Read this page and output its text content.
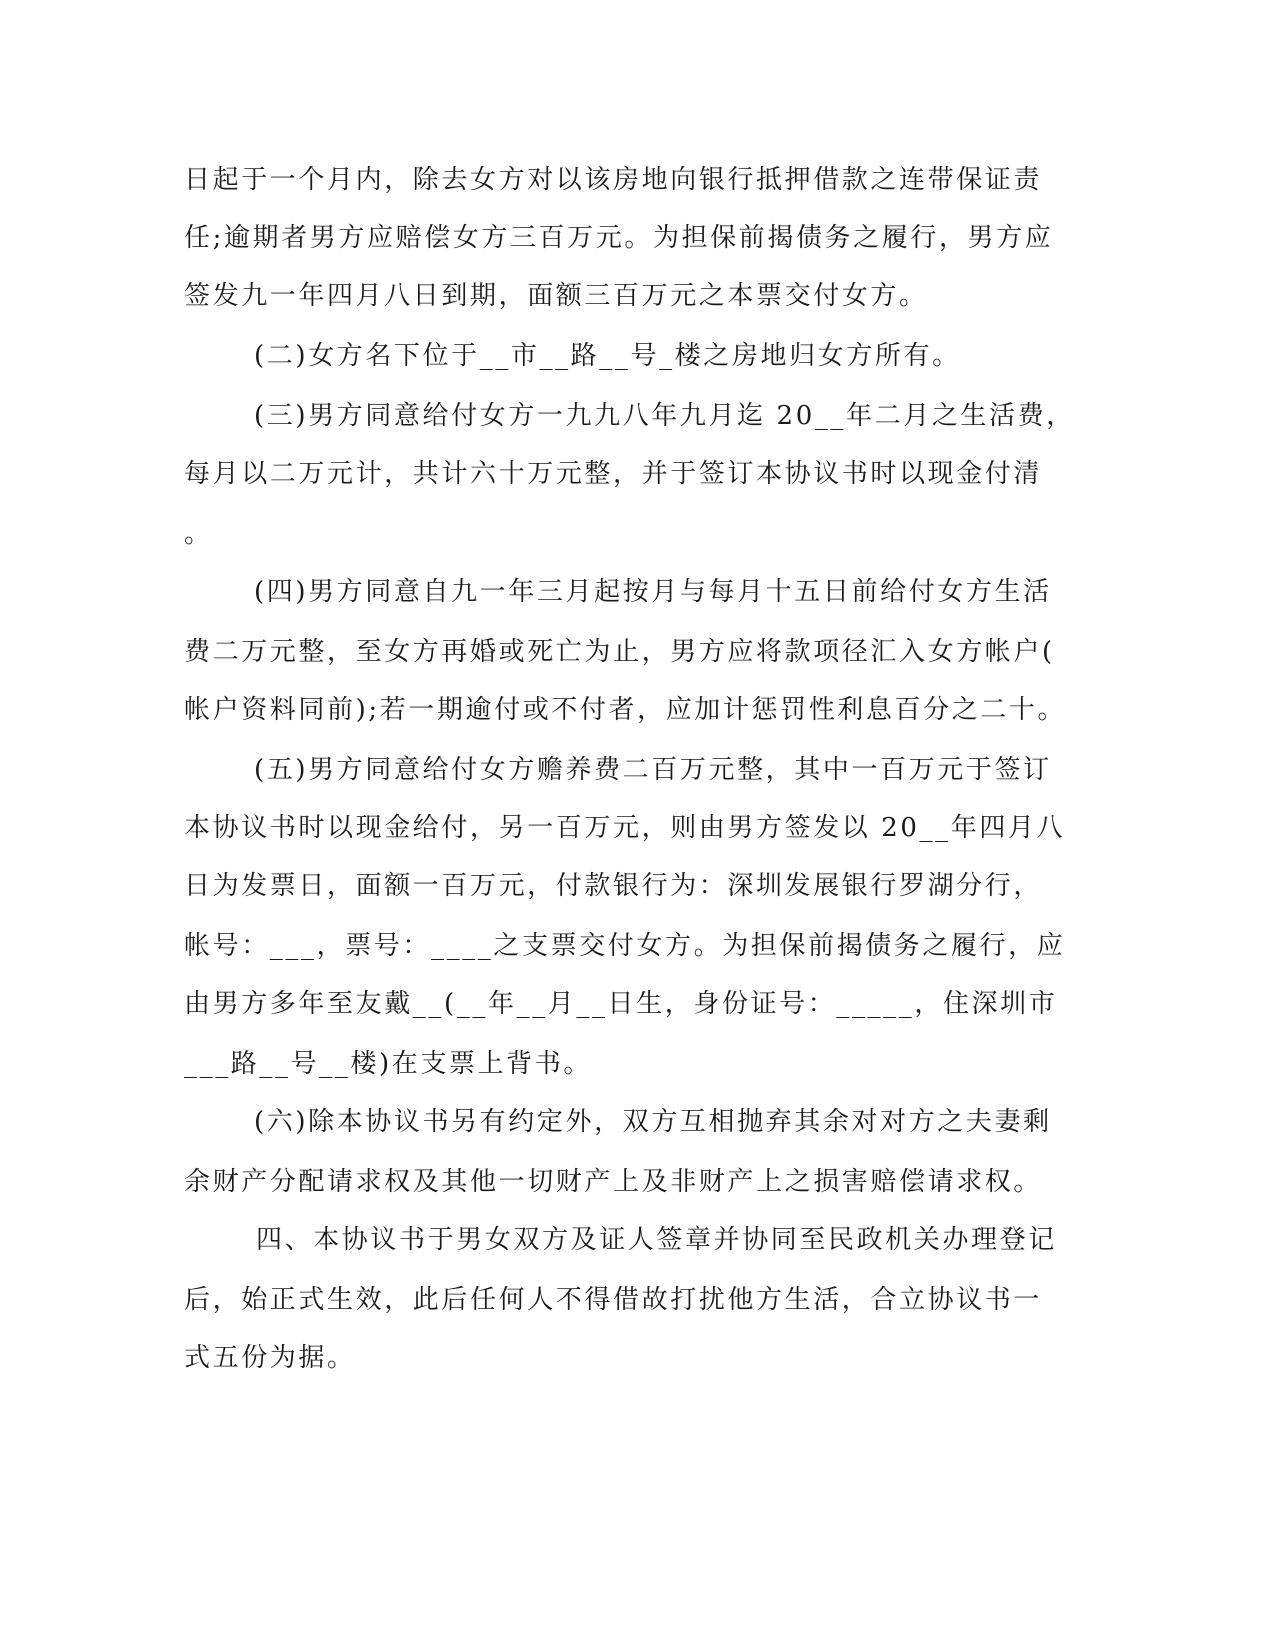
日起于一个月内，除去女方对以该房地向银行抵押借款之连带保证责
任;逾期者男方应赔偿女方三百万元。为担保前揭债务之履行，男方应
签发九一年四月八日到期，面额三百万元之本票交付女方。
(二)女方名下位于__市__路__号_楼之房地归女方所有。
(三)男方同意给付女方一九九八年九月迄 20__年二月之生活费，
每月以二万元计，共计六十万元整，并于签订本协议书时以现金付清
。
(四)男方同意自九一年三月起按月与每月十五日前给付女方生活
费二万元整，至女方再婚或死亡为止，男方应将款项径汇入女方帐户(
帐户资料同前);若一期逾付或不付者，应加计惩罚性利息百分之二十。
(五)男方同意给付女方赡养费二百万元整，其中一百万元于签订
本协议书时以现金给付，另一百万元，则由男方签发以 20__年四月八
日为发票日，面额一百万元，付款银行为：深圳发展银行罗湖分行，
帐号：___，票号：____之支票交付女方。为担保前揭债务之履行，应
由男方多年至友戴__(__年__月__日生，身份证号：_____，住深圳市
___路__号__楼)在支票上背书。
(六)除本协议书另有约定外，双方互相抛弃其余对对方之夫妻剩
余财产分配请求权及其他一切财产上及非财产上之损害赔偿请求权。
四、本协议书于男女双方及证人签章并协同至民政机关办理登记
后，始正式生效，此后任何人不得借故打扰他方生活，合立协议书一
式五份为据。
